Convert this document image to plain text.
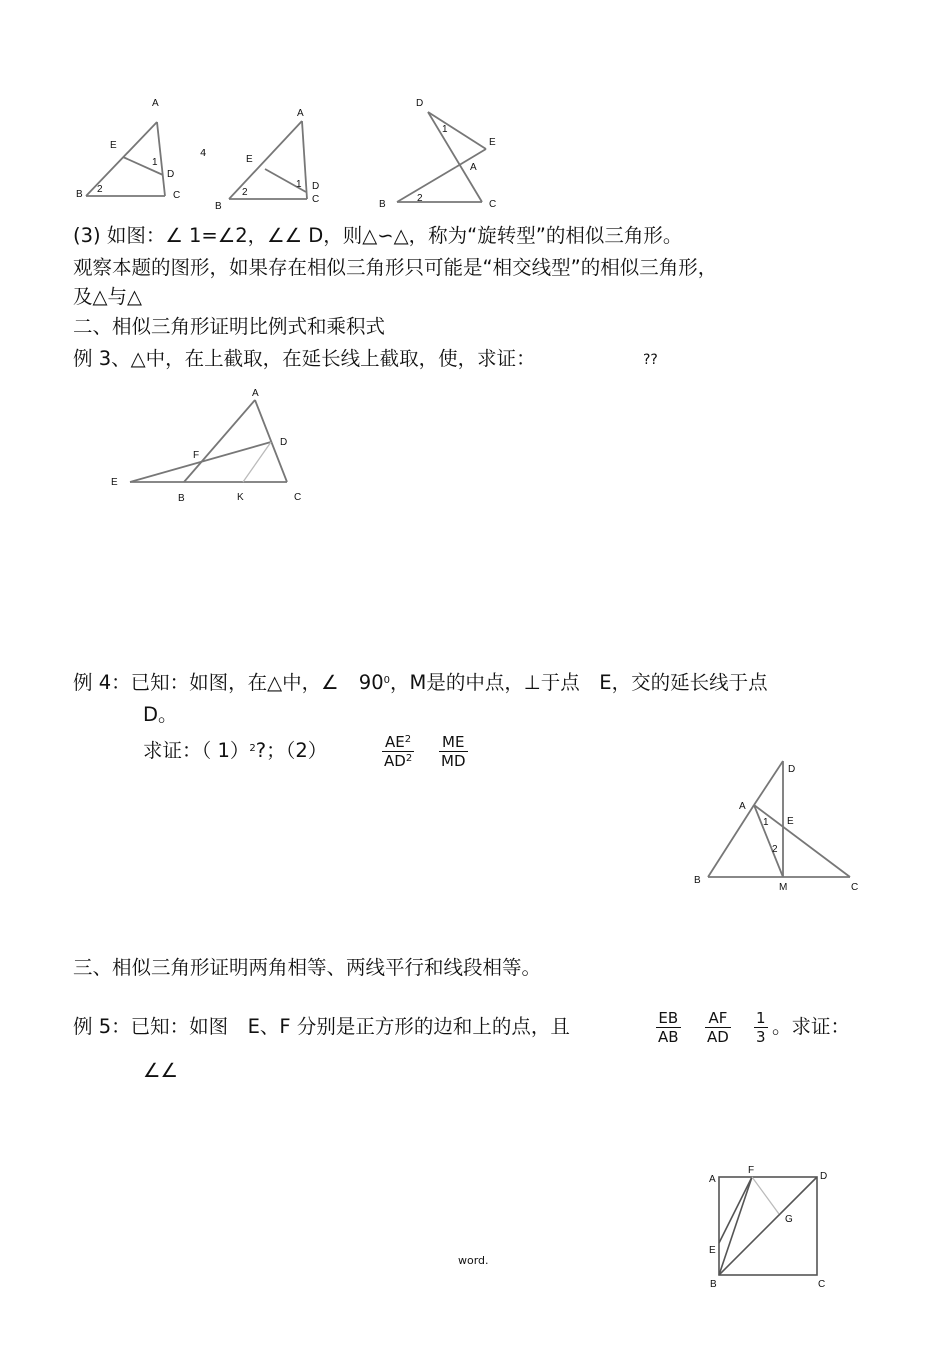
A
E
1
D
2
B	C
4
A
E
1 D
2
B
C
D
1
E
A
2
B	C
(3) 如图：∠ 1=∠2，∠∠ D，则△∽△，称为“旋转型”的相似三角形。
观察本题的图形，如果存在相似三角形只可能是“相交线型”的相似三角形，
及△与△
二、相似三角形证明比例式和乘积式
例 3、△中，在上截取，在延长线上截取，使，求证：	??
A
D
F
E
B	K	C
例 4：已知：如图，在△中，∠ $90^0$，M是的中点，⊥于点　E，交的延长线于点
D。
求证：（ 1）$^2$?；（2）	$\frac{AE^2}{AD^2} \frac{ME}{MD}$	D
A
1 E
2
B
M	C
三、相似三角形证明两角相等、两线平行和线段相等。
例 5：已知：如图　E、F 分别是正方形的边和上的点，且	$\frac{EB}{AB} \frac{AF}{AD} \frac{1}{3}$ 。求证：
∠∠
A
F
D
G
E
B	C
word.
